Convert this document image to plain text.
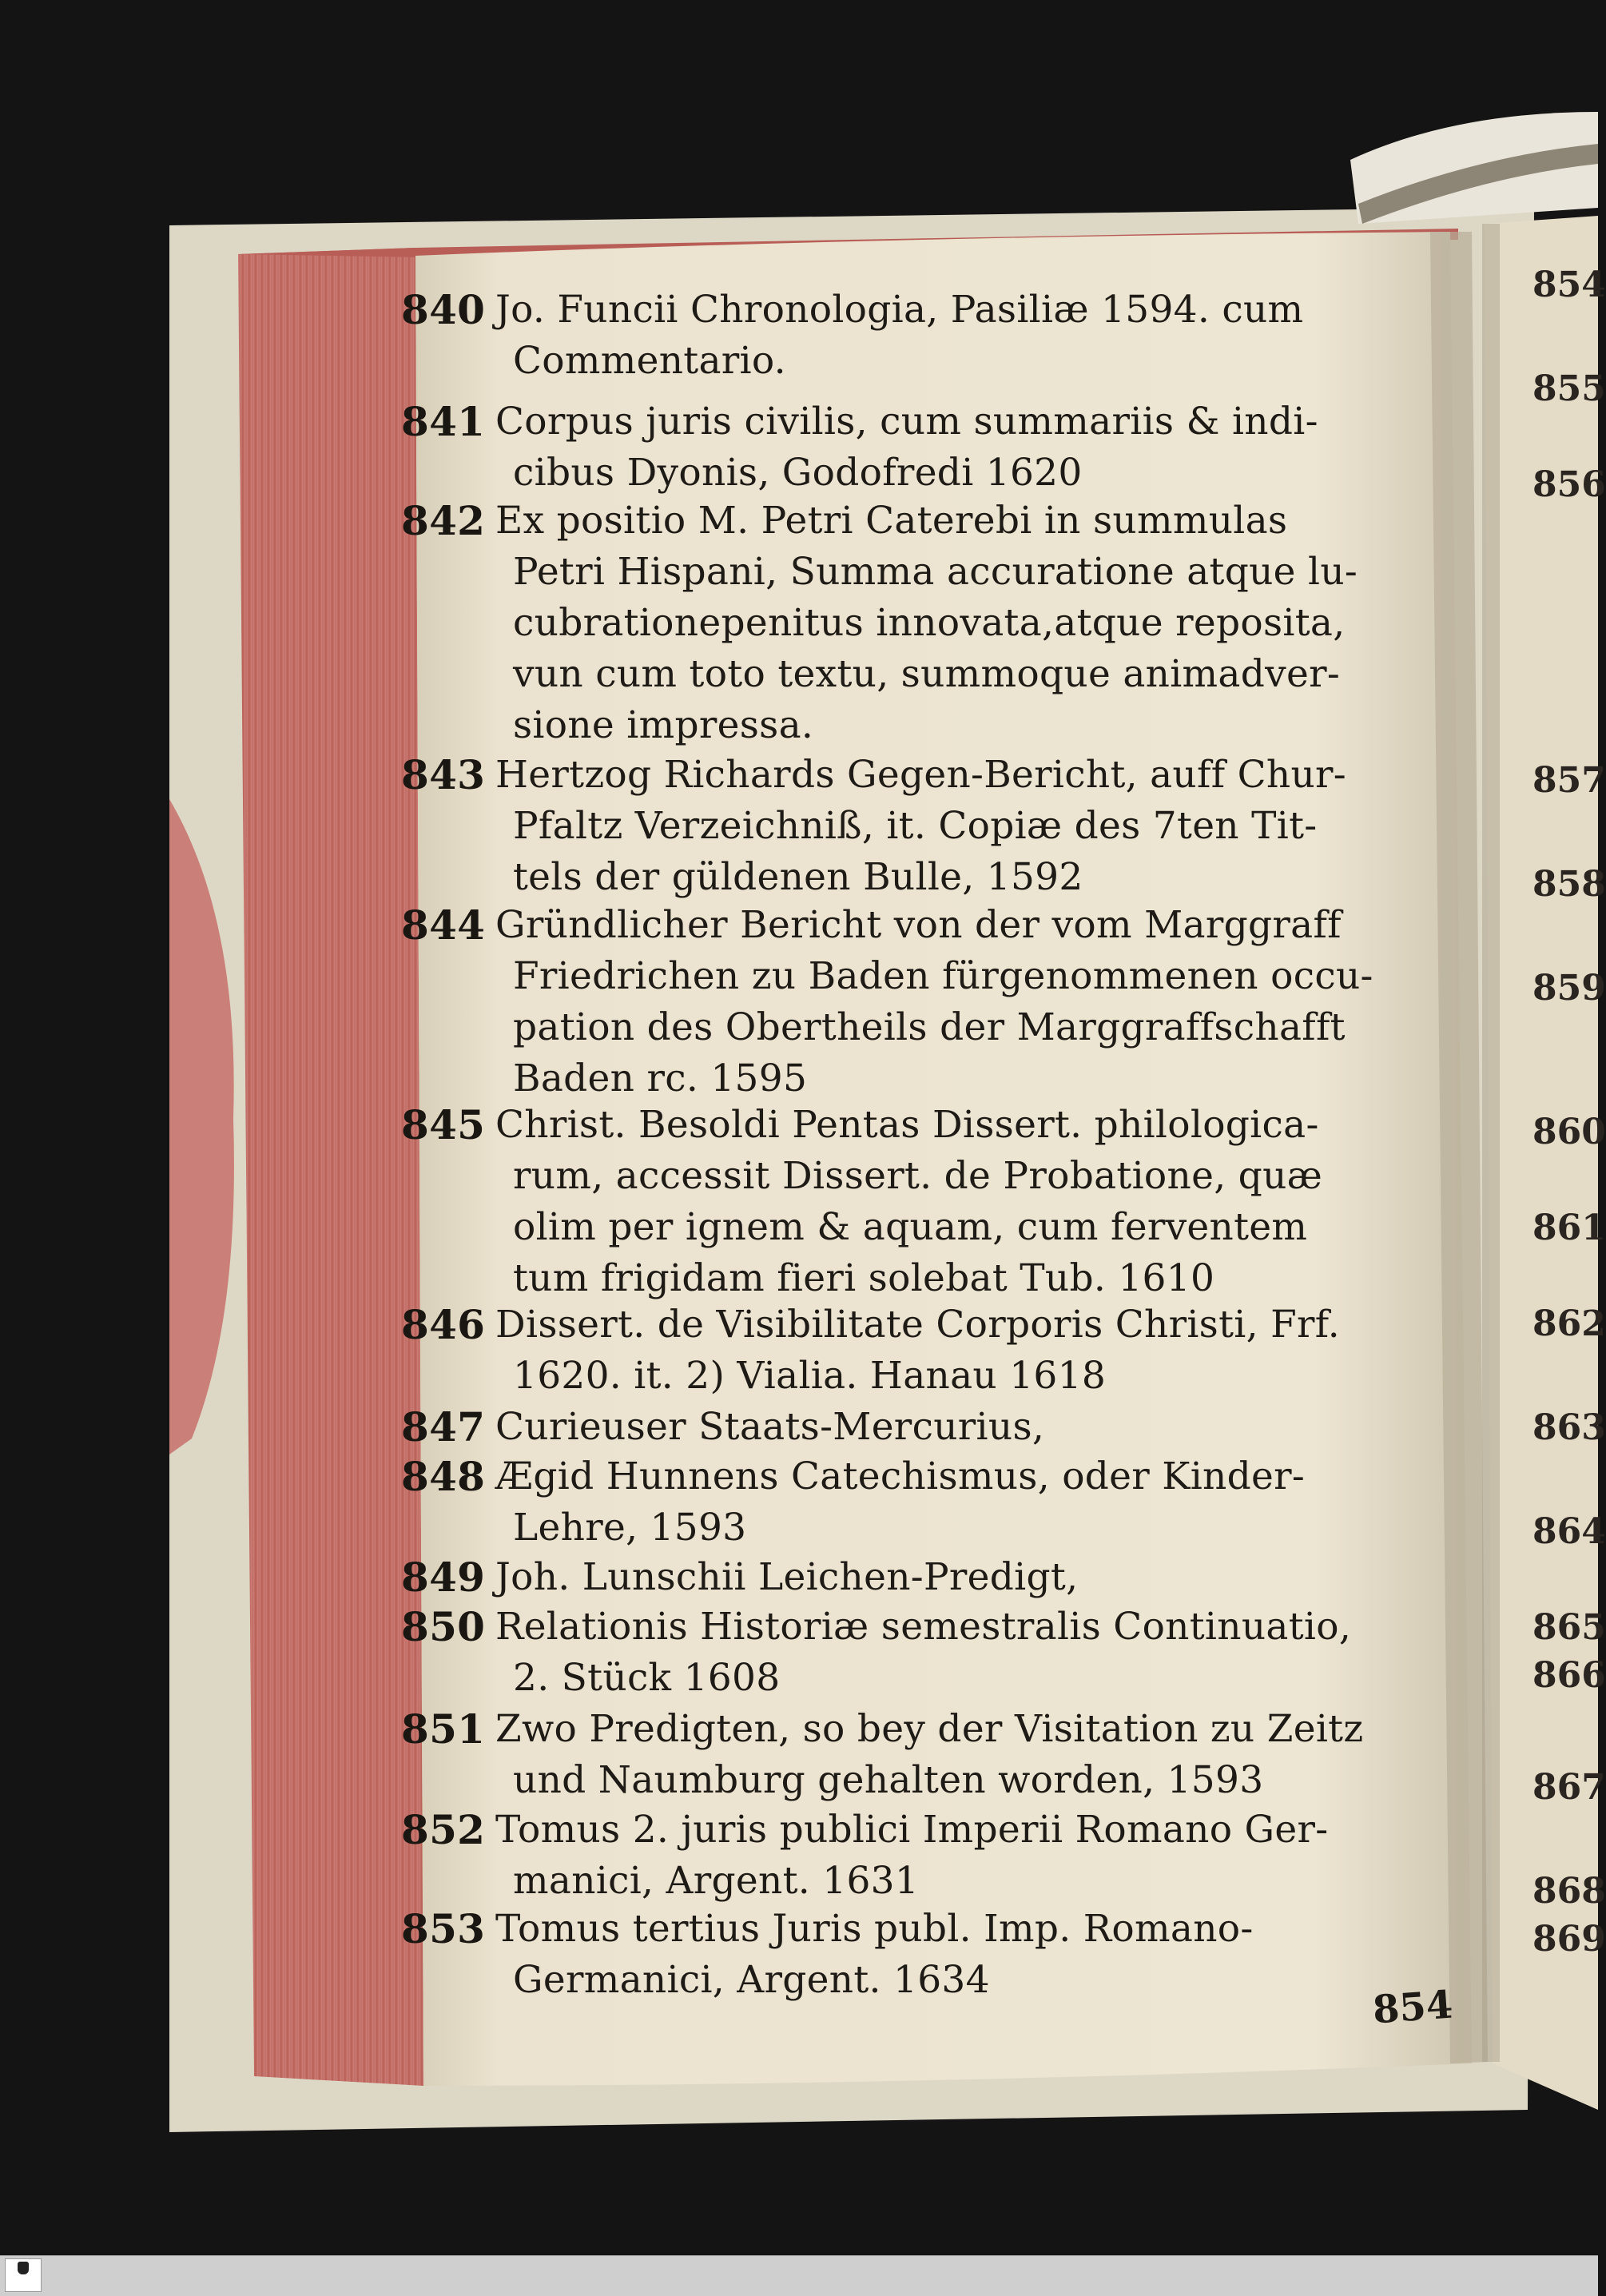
840 Jo. Funcii Chronologia, Pasiliæ 1594. cum
Commentario.
841 Corpus juris civilis, cum summariis & indi-
cibus Dyonis, Godofredi 1620
842 Ex positio M. Petri Caterebi in summulas
Petri Hispani, Summa accuratione atque lu-
cubrationepenitus innovata,atque reposita,
vun cum toto textu, summoque animadver-
sione impressa.
843 Hertzog Richards Gegen-Bericht, auff Chur-
Pfaltz Verzeichniß, it. Copiæ des 7ten Tit-
tels der güldenen Bulle, 1592
844 Gründlicher Bericht von der vom Marggraff
Friedrichen zu Baden fürgenommenen occu-
pation des Obertheils der Marggraffschafft
Baden rc. 1595
845 Christ. Besoldi Pentas Dissert. philologica-
rum, accessit Dissert. de Probatione, quæ
olim per ignem & aquam, cum ferventem
tum frigidam fieri solebat Tub. 1610
846 Dissert. de Visibilitate Corporis Christi, Frf.
1620. it. 2) Vialia. Hanau 1618
847 Curieuser Staats-Mercurius,
848 Ægid Hunnens Catechismus, oder Kinder-
Lehre, 1593
849 Joh. Lunschii Leichen-Predigt,
850 Relationis Historiæ semestralis Continuatio,
2. Stück 1608
851 Zwo Predigten, so bey der Visitation zu Zeitz
und Naumburg gehalten worden, 1593
852 Tomus 2. juris publici Imperii Romano Ger-
manici, Argent. 1631
853 Tomus tertius Juris publ. Imp. Romano-
Germanici, Argent. 1634
854
854
855
856
857
858
859
860
861
862
863
864
865
866
867
868
869
